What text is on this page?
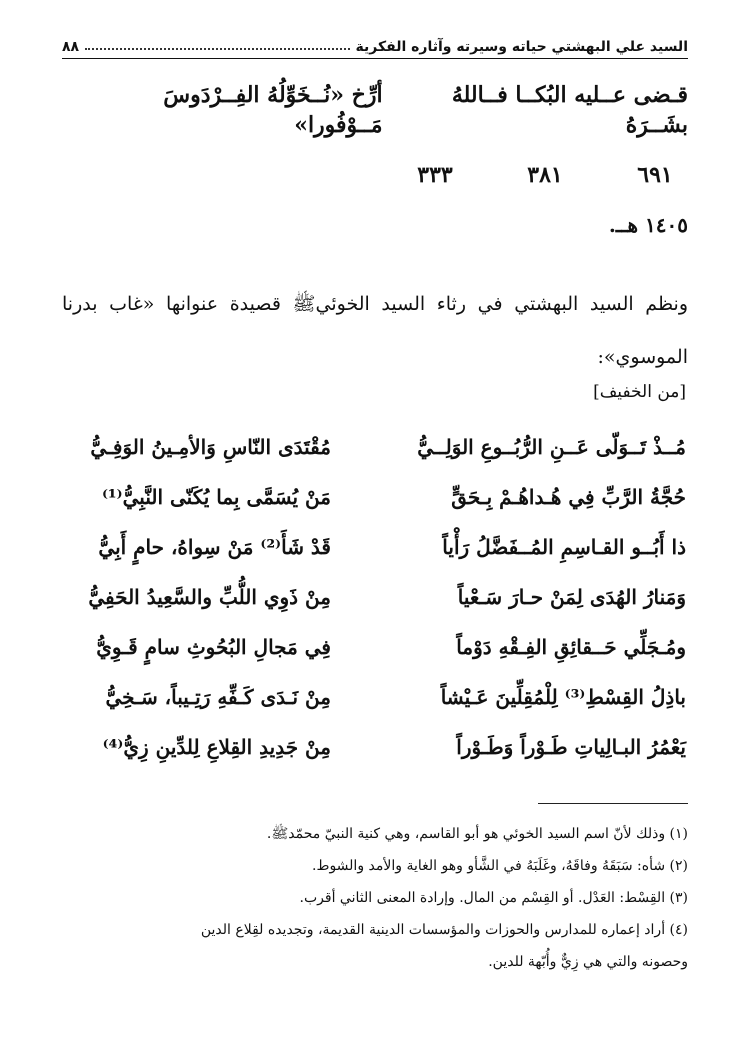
السيد علي البهشتي حياته وسيرته وآثاره الفكرية
٨٨
قـضى عــليه البُكــا فــاللهُ بشَــرَهُ
أرِّخ «نُــخَوِّلُهُ الفِــرْدَوسَ مَــوْفُورا»
٦٩١
٣٨١
٣٣٣
١٤٠٥ هــ.
ونظم السيد البهشتي في رثاء السيد الخوئيﷺ قصيدة عنوانها «غاب بدرنا الموسوي»:
[من الخفيف]
مُــذْ تَــوَلّى عَــنِ الرُّبُــوعِ الوَلِــيُّ
مُقْتَدَى النّاسِ وَالأمِـينُ الوَفِـيُّ
حُجَّةُ الرَّبِّ فِي هُـداهُـمْ بِـحَقٍّ
مَنْ يُسَمَّى بِما يُكَنّى النَّبِيُّ⁽¹⁾
ذا أَبُــو القـاسِمِ المُــفَضَّلُ رَأْياً
قَدْ شَأَ⁽²⁾ مَنْ سِواهُ، حامٍ أَبِيُّ
وَمَنارُ الهُدَى لِمَنْ حـارَ سَـعْياً
مِنْ ذَوِي اللُّبِّ والسَّعِيدُ الحَفِيُّ
ومُـجَلِّي حَــقائِقِ الفِـقْهِ دَوْماً
فِي مَجالِ البُحُوثِ سامٍ قَـوِيُّ
باذِلُ القِسْطِ⁽³⁾ لِلْمُقِلِّينَ عَـيْشاً
مِنْ نَـدَى كَـفِّهِ رَتِـيباً، سَـخِيُّ
يَعْمُرُ البـالِياتِ طَـوْراً وَطَـوْراً
مِنْ جَدِيدِ القِلاعِ لِلدِّينِ زِيُّ⁽⁴⁾
(١) وذلك لأنّ اسم السيد الخوئي هو أبو القاسم، وهي كنية النبيّ محمّدﷺ.
(٢) شأه: سَبَقَهُ وفاقَهُ، وغَلَبَهُ في الشَّأو وهو الغاية والأمد والشوط.
(٣) القِسْط: العَدْل. أو القِسْم من المال. وإرادة المعنى الثاني أقرب.
(٤) أراد إعماره للمدارس والحوزات والمؤسسات الدينية القديمة، وتجديده لقِلاع الدين
وحصونه والتي هي زِيٌّ وأُبّهة للدين.
